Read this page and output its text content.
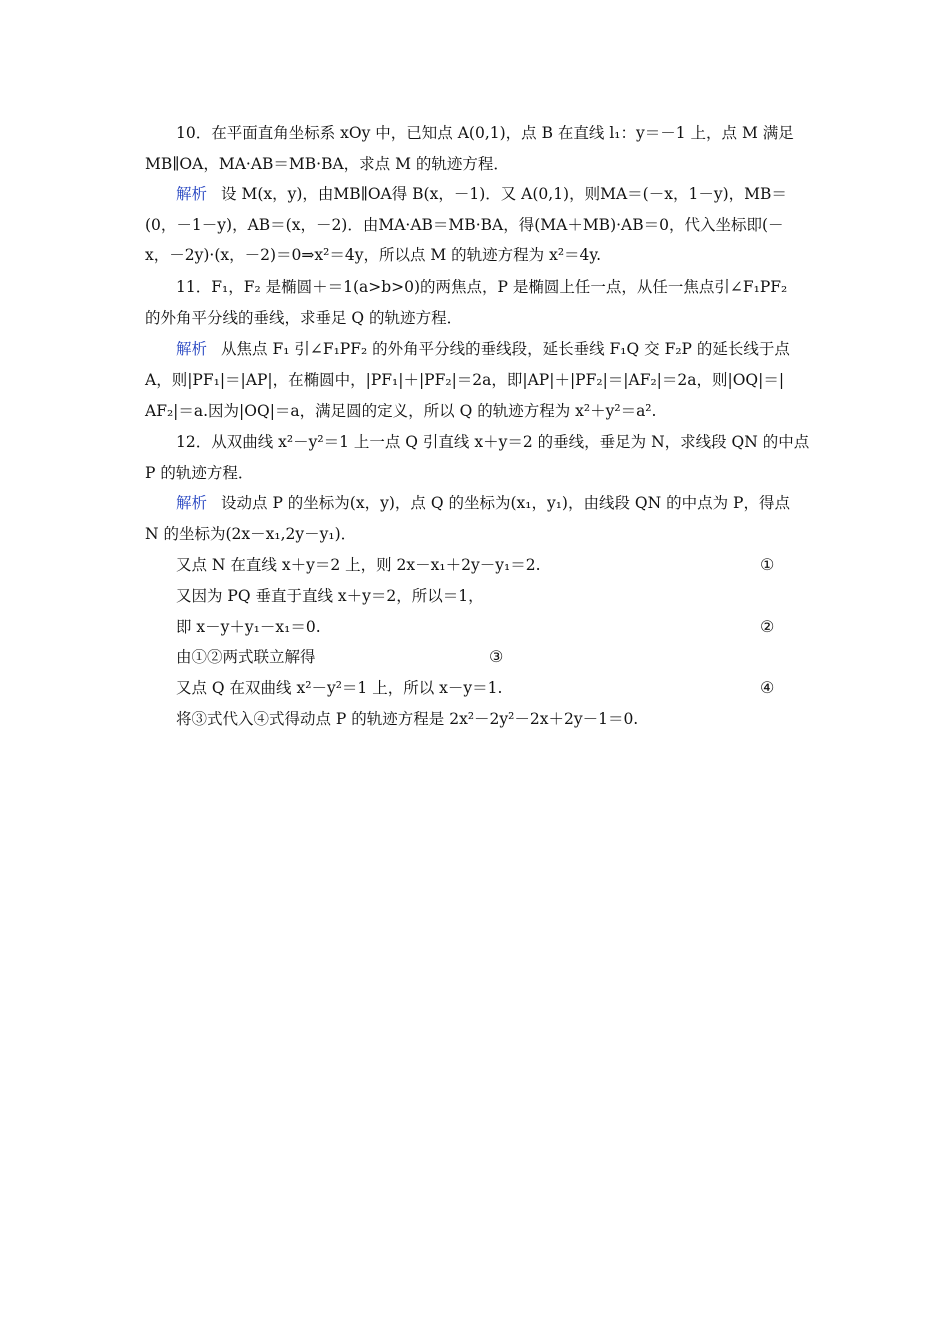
10．在平面直角坐标系 xOy 中，已知点 A(0,1)，点 B 在直线 l₁：y＝－1 上，点 M 满足
MB∥OA，MA·AB＝MB·BA，求点 M 的轨迹方程．
解析 设 M(x，y)，由MB∥OA得 B(x，－1)．又 A(0,1)，则MA＝(－x，1－y)，MB＝
(0，－1－y)，AB＝(x，－2)．由MA·AB＝MB·BA，得(MA＋MB)·AB＝0，代入坐标即(－
x，－2y)·(x，－2)＝0⇒x²＝4y，所以点 M 的轨迹方程为 x²＝4y.
11．F₁，F₂ 是椭圆＋＝1(a>b>0)的两焦点，P 是椭圆上任一点，从任一焦点引∠F₁PF₂
的外角平分线的垂线，求垂足 Q 的轨迹方程．
解析 从焦点 F₁ 引∠F₁PF₂ 的外角平分线的垂线段，延长垂线 F₁Q 交 F₂P 的延长线于点
A，则|PF₁|＝|AP|，在椭圆中，|PF₁|＋|PF₂|＝2a，即|AP|＋|PF₂|＝|AF₂|＝2a，则|OQ|＝|
AF₂|＝a.因为|OQ|＝a，满足圆的定义，所以 Q 的轨迹方程为 x²＋y²＝a².
12．从双曲线 x²－y²＝1 上一点 Q 引直线 x＋y＝2 的垂线，垂足为 N，求线段 QN 的中点
P 的轨迹方程．
解析 设动点 P 的坐标为(x，y)，点 Q 的坐标为(x₁，y₁)，由线段 QN 的中点为 P，得点
N 的坐标为(2x－x₁,2y－y₁)．
又点 N 在直线 x＋y＝2 上，则 2x－x₁＋2y－y₁＝2.	①
又因为 PQ 垂直于直线 x＋y＝2，所以＝1，
即 x－y＋y₁－x₁＝0.	②
由①②两式联立解得	③
又点 Q 在双曲线 x²－y²＝1 上，所以 x－y＝1.	④
将③式代入④式得动点 P 的轨迹方程是 2x²－2y²－2x＋2y－1＝0.
